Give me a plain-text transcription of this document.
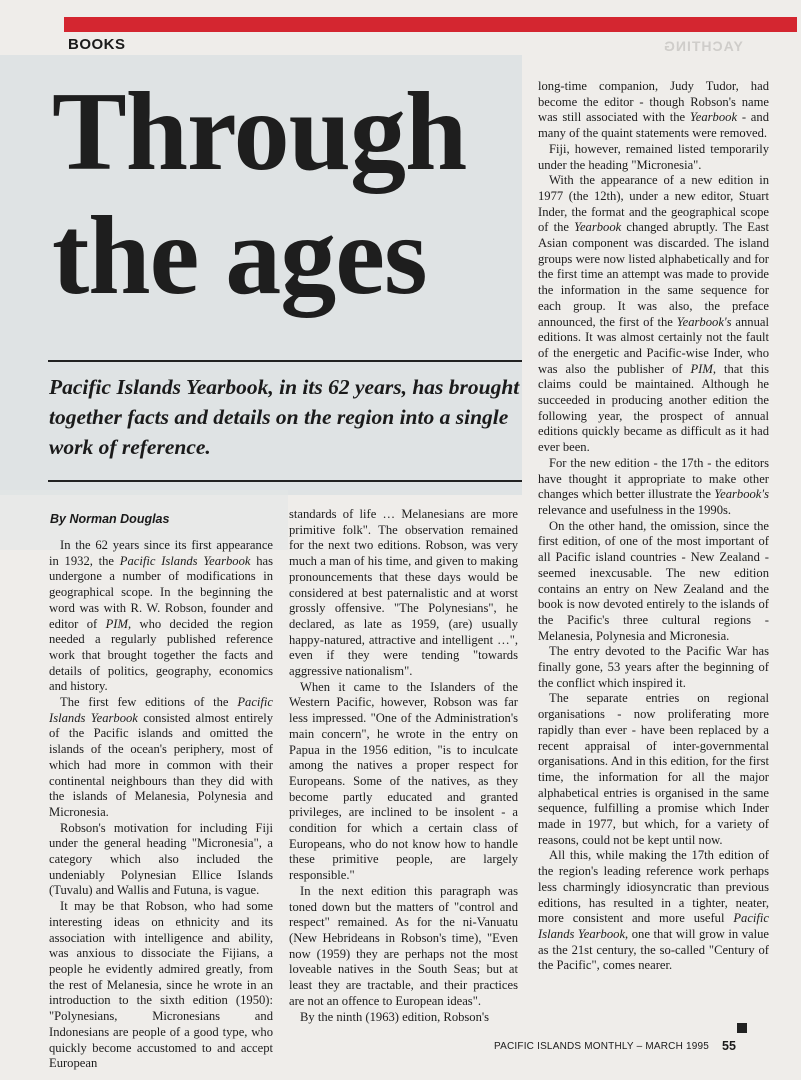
BOOKS	YACHTING
Through
the ages

Pacific Islands Yearbook, in its 62 years, has brought together facts and details on the region into a single work of reference.

By Norman Douglas

In the 62 years since its first appearance in 1932, the Pacific Islands Yearbook has undergone a number of modifications in geographical scope. In the beginning the word was with R. W. Robson, founder and editor of PIM, who decided the region needed a regularly published reference work that brought together the facts and details of politics, geography, economics and history.

The first few editions of the Pacific Islands Yearbook consisted almost entirely of the Pacific islands and omitted the islands of the ocean's periphery, most of which had more in common with their continental neighbours than they did with the islands of Melanesia, Polynesia and Micronesia.

Robson's motivation for including Fiji under the general heading "Micronesia", a category which also included the undeniably Polynesian Ellice Islands (Tuvalu) and Wallis and Futuna, is vague.

It may be that Robson, who had some interesting ideas on ethnicity and its association with intelligence and ability, was anxious to dissociate the Fijians, a people he evidently admired greatly, from the rest of Melanesia, since he wrote in an introduction to the sixth edition (1950): "Polynesians, Micronesians and Indonesians are people of a good type, who quickly become accustomed to and accept European

standards of life … Melanesians are more primitive folk". The observation remained for the next two editions. Robson, was very much a man of his time, and given to making pronouncements that these days would be considered at best paternalistic and at worst grossly offensive. "The Polynesians", he declared, as late as 1959, (are) usually happy-natured, attractive and intelligent …", even if they were tending "towards aggressive nationalism".

When it came to the Islanders of the Western Pacific, however, Robson was far less impressed. "One of the Administration's main concern", he wrote in the entry on Papua in the 1956 edition, "is to inculcate among the natives a proper respect for Europeans. Some of the natives, as they become partly educated and granted privileges, are inclined to be insolent - a condition for which a certain class of Europeans, who do not know how to handle these primitive people, are largely responsible."

In the next edition this paragraph was toned down but the matters of "control and respect" remained. As for the ni-Vanuatu (New Hebrideans in Robson's time), "Even now (1959) they are perhaps not the most loveable natives in the South Seas; but at least they are tractable, and their practices are not an offence to European ideas".

By the ninth (1963) edition, Robson's

long-time companion, Judy Tudor, had become the editor - though Robson's name was still associated with the Yearbook - and many of the quaint statements were removed.

Fiji, however, remained listed temporarily under the heading "Micronesia".

With the appearance of a new edition in 1977 (the 12th), under a new editor, Stuart Inder, the format and the geographical scope of the Yearbook changed abruptly. The East Asian component was discarded. The island groups were now listed alphabetically and for the first time an attempt was made to provide the information in the same sequence for each group. It was also, the preface announced, the first of the Yearbook's annual editions. It was almost certainly not the fault of the energetic and Pacific-wise Inder, who was also the publisher of PIM, that this claims could be maintained. Although he succeeded in producing another edition the following year, the prospect of annual editions quickly became as difficult as it had ever been.

For the new edition - the 17th - the editors have thought it appropriate to make other changes which better illustrate the Yearbook's relevance and usefulness in the 1990s.

On the other hand, the omission, since the first edition, of one of the most important of all Pacific island countries - New Zealand - seemed inexcusable. The new edition contains an entry on New Zealand and the book is now devoted entirely to the islands of the Pacific's three cultural regions - Melanesia, Polynesia and Micronesia.

The entry devoted to the Pacific War has finally gone, 53 years after the beginning of the conflict which inspired it.

The separate entries on regional organisations - now proliferating more rapidly than ever - have been replaced by a recent appraisal of inter-governmental organisations. And in this edition, for the first time, the information for all the major alphabetical entries is organised in the same sequence, fulfilling a promise which Inder made in 1977, but which, for a variety of reasons, could not be kept until now.

All this, while making the 17th edition of the region's leading reference work perhaps less charmingly idiosyncratic than previous editions, has resulted in a tighter, neater, more consistent and more useful Pacific Islands Yearbook, one that will grow in value as the 21st century, the so-called "Century of the Pacific", comes nearer.

PACIFIC ISLANDS MONTHLY – MARCH 1995 55
